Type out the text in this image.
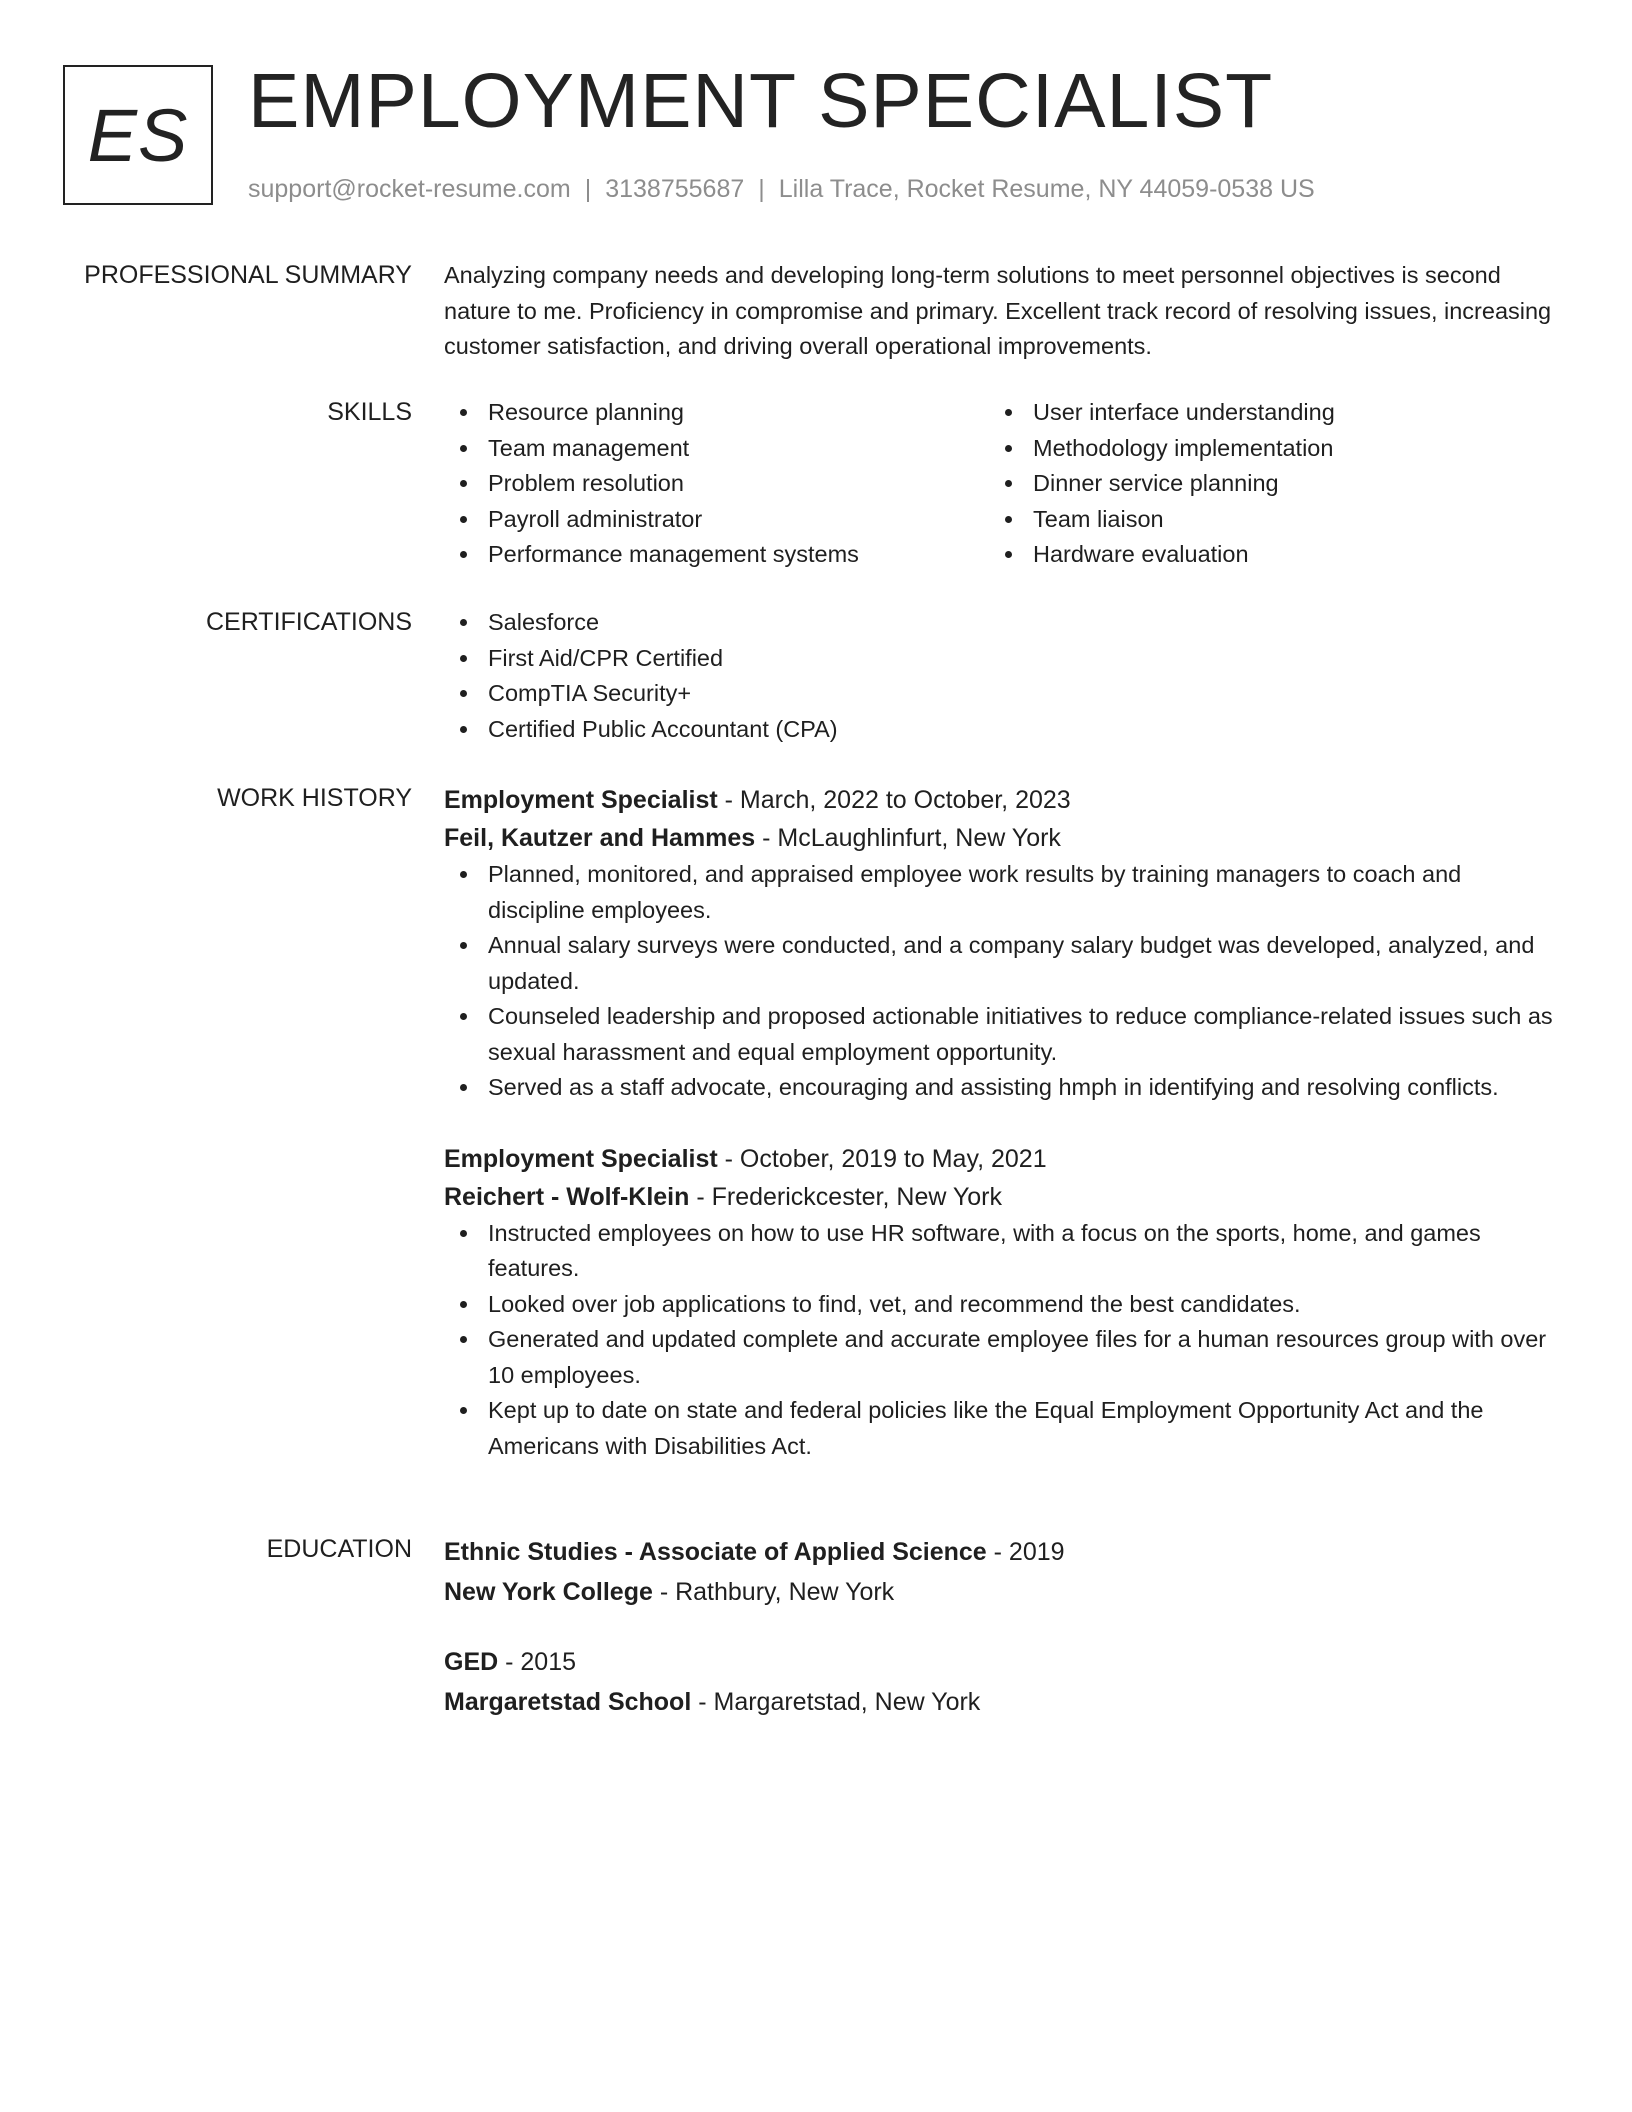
ES EMPLOYMENT SPECIALIST
support@rocket-resume.com | 3138755687 | Lilla Trace, Rocket Resume, NY 44059-0538 US
PROFESSIONAL SUMMARY Analyzing company needs and developing long-term solutions to meet personnel objectives is second nature to me. Proficiency in compromise and primary. Excellent track record of resolving issues, increasing customer satisfaction, and driving overall operational improvements.
SKILLS	Resource planning
Team management
Problem resolution
Payroll administrator
Performance management systems
User interface understanding
Methodology implementation
Dinner service planning
Team liaison
Hardware evaluation
CERTIFICATIONS	Salesforce
First Aid/CPR Certified
CompTIA Security+
Certified Public Accountant (CPA)
WORK HISTORY Employment Specialist - March, 2022 to October, 2023
Feil, Kautzer and Hammes - McLaughlinfurt, New York
Planned, monitored, and appraised employee work results by training managers to coach and discipline employees.
Annual salary surveys were conducted, and a company salary budget was developed, analyzed, and updated.
Counseled leadership and proposed actionable initiatives to reduce compliance-related issues such as sexual harassment and equal employment opportunity.
Served as a staff advocate, encouraging and assisting hmph in identifying and resolving conflicts.
Employment Specialist - October, 2019 to May, 2021
Reichert - Wolf-Klein - Frederickcester, New York
Instructed employees on how to use HR software, with a focus on the sports, home, and games features.
Looked over job applications to find, vet, and recommend the best candidates.
Generated and updated complete and accurate employee files for a human resources group with over 10 employees.
Kept up to date on state and federal policies like the Equal Employment Opportunity Act and the Americans with Disabilities Act.
EDUCATION Ethnic Studies - Associate of Applied Science - 2019
New York College - Rathbury, New York
GED - 2015
Margaretstad School - Margaretstad, New York
